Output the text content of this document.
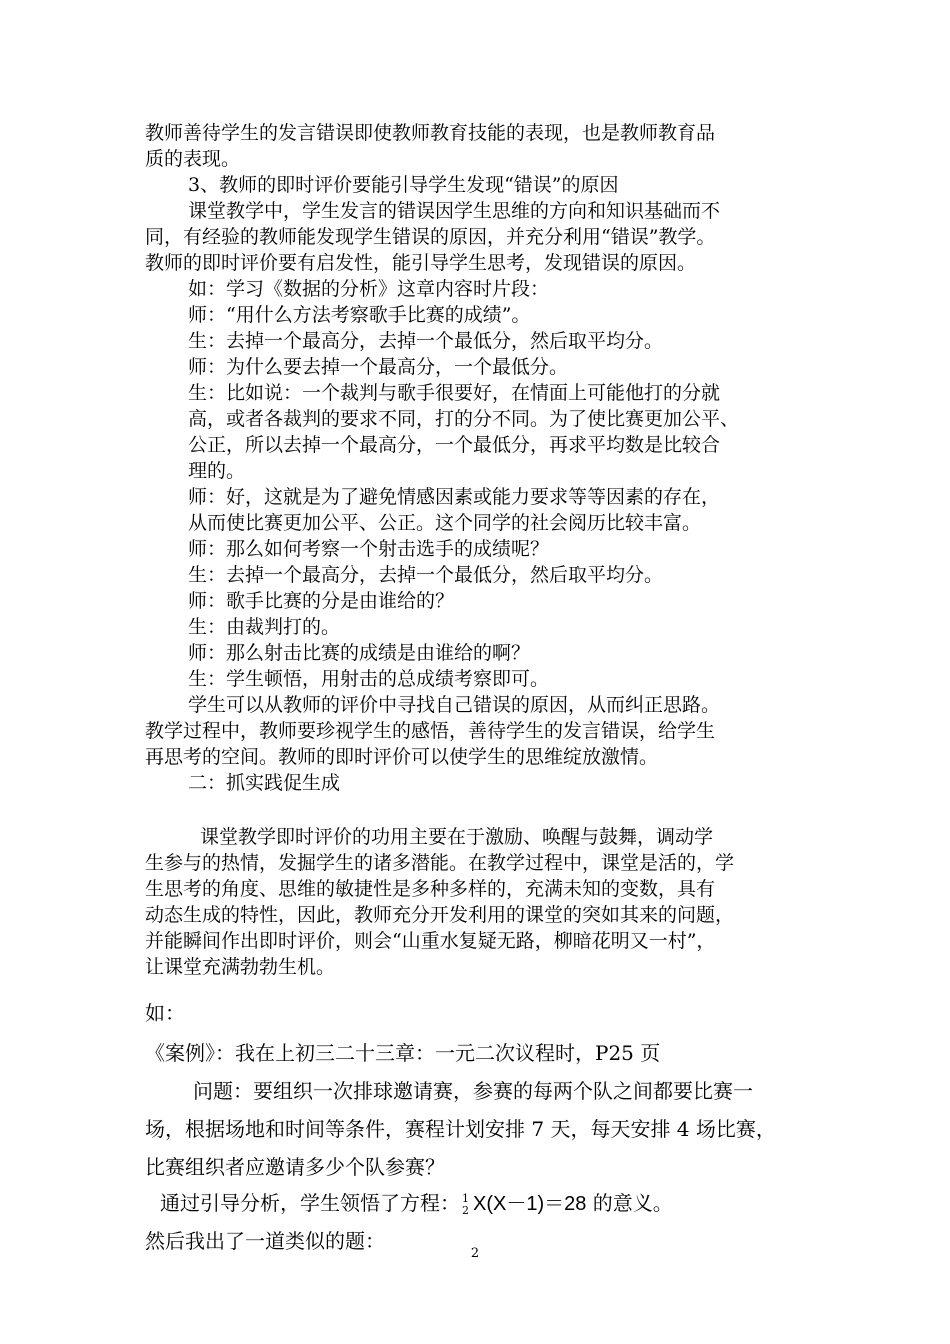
教师善待学生的发言错误即使教师教育技能的表现，也是教师教育品
质的表现。
3、教师的即时评价要能引导学生发现“错误”的原因
课堂教学中，学生发言的错误因学生思维的方向和知识基础而不
同，有经验的教师能发现学生错误的原因，并充分利用“错误”教学。
教师的即时评价要有启发性，能引导学生思考，发现错误的原因。
如：学习《数据的分析》这章内容时片段：
师：“用什么方法考察歌手比赛的成绩”。
生：去掉一个最高分，去掉一个最低分，然后取平均分。
师：为什么要去掉一个最高分，一个最低分。
生：比如说：一个裁判与歌手很要好，在情面上可能他打的分就
高，或者各裁判的要求不同，打的分不同。为了使比赛更加公平、
公正，所以去掉一个最高分，一个最低分，再求平均数是比较合
理的。
师：好，这就是为了避免情感因素或能力要求等等因素的存在，
从而使比赛更加公平、公正。这个同学的社会阅历比较丰富。
师：那么如何考察一个射击选手的成绩呢？
生：去掉一个最高分，去掉一个最低分，然后取平均分。
师：歌手比赛的分是由谁给的？
生：由裁判打的。
师：那么射击比赛的成绩是由谁给的啊？
生：学生顿悟，用射击的总成绩考察即可。
学生可以从教师的评价中寻找自己错误的原因，从而纠正思路。
教学过程中，教师要珍视学生的感悟，善待学生的发言错误，给学生
再思考的空间。教师的即时评价可以使学生的思维绽放激情。
二：抓实践促生成
课堂教学即时评价的功用主要在于激励、唤醒与鼓舞，调动学
生参与的热情，发掘学生的诸多潜能。在教学过程中，课堂是活的，学
生思考的角度、思维的敏捷性是多种多样的，充满未知的变数，具有
动态生成的特性，因此，教师充分开发利用的课堂的突如其来的问题，
并能瞬间作出即时评价，则会“山重水复疑无路，柳暗花明又一村”，
让课堂充满勃勃生机。
如：
《案例》：我在上初三二十三章：一元二次议程时，P25 页
问题：要组织一次排球邀请赛，参赛的每两个队之间都要比赛一
场，根据场地和时间等条件，赛程计划安排 7 天，每天安排 4 场比赛，
比赛组织者应邀请多少个队参赛？
通过引导分析，学生领悟了方程： 1
2 X(X－1)＝28 的意义。
然后我出了一道类似的题：
2
